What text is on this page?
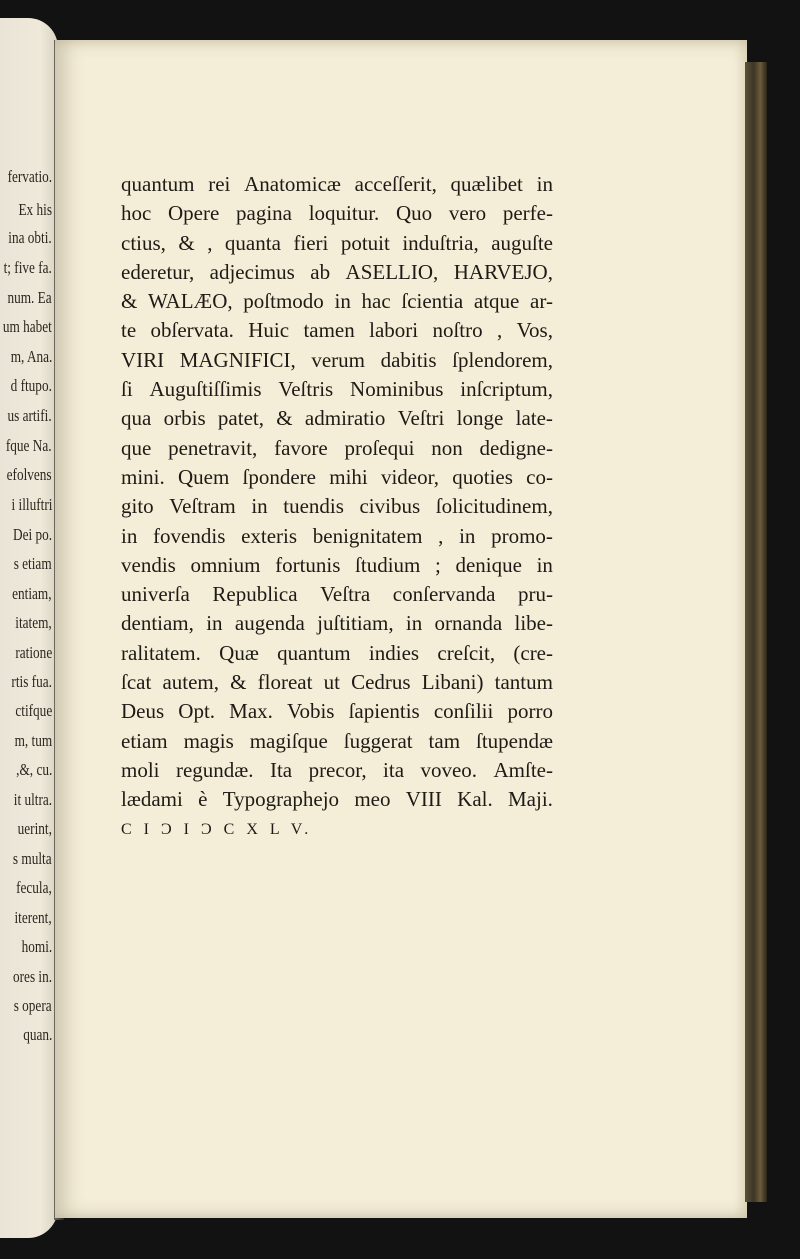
fervatio.
Ex his
ina obti.
t; five fa.
num. Ea
um habet
m, Ana.
d ftupo.
us artifi.
fque Na.
efolvens
i illuftri
Dei po.
s etiam
entiam,
itatem,
ratione
rtis fua.
ctifque
m, tum
,&, cu.
it ultra.
uerint,
s multa
fecula,
iterent,
homi.
ores in.
s opera
quan.
quantum rei Anatomicæ acceſſerit, quælibet in
hoc Opere pagina loquitur. Quo vero perfe-
ctius, & , quanta fieri potuit induſtria, auguſte
ederetur, adjecimus ab ASELLIO, HARVEJO,
& WALÆO, poſtmodo in hac ſcientia atque ar-
te obſervata. Huic tamen labori noſtro , Vos,
VIRI MAGNIFICI, verum dabitis ſplendorem,
ſi Auguſtiſſimis Veſtris Nominibus inſcriptum,
qua orbis patet, & admiratio Veſtri longe late-
que penetravit, favore proſequi non dedigne-
mini. Quem ſpondere mihi videor, quoties co-
gito Veſtram in tuendis civibus ſolicitudinem,
in fovendis exteris benignitatem , in promo-
vendis omnium fortunis ſtudium ; denique in
univerſa Republica Veſtra conſervanda pru-
dentiam, in augenda juſtitiam, in ornanda libe-
ralitatem. Quæ quantum indies creſcit, (cre-
ſcat autem, & floreat ut Cedrus Libani) tantum
Deus Opt. Max. Vobis ſapientis conſilii porro
etiam magis magiſque ſuggerat tam ſtupendæ
moli regundæ. Ita precor, ita voveo. Amſte-
lædami è Typographejo meo VIII Kal. Maji.
C I Ͻ I Ͻ C X L V.
